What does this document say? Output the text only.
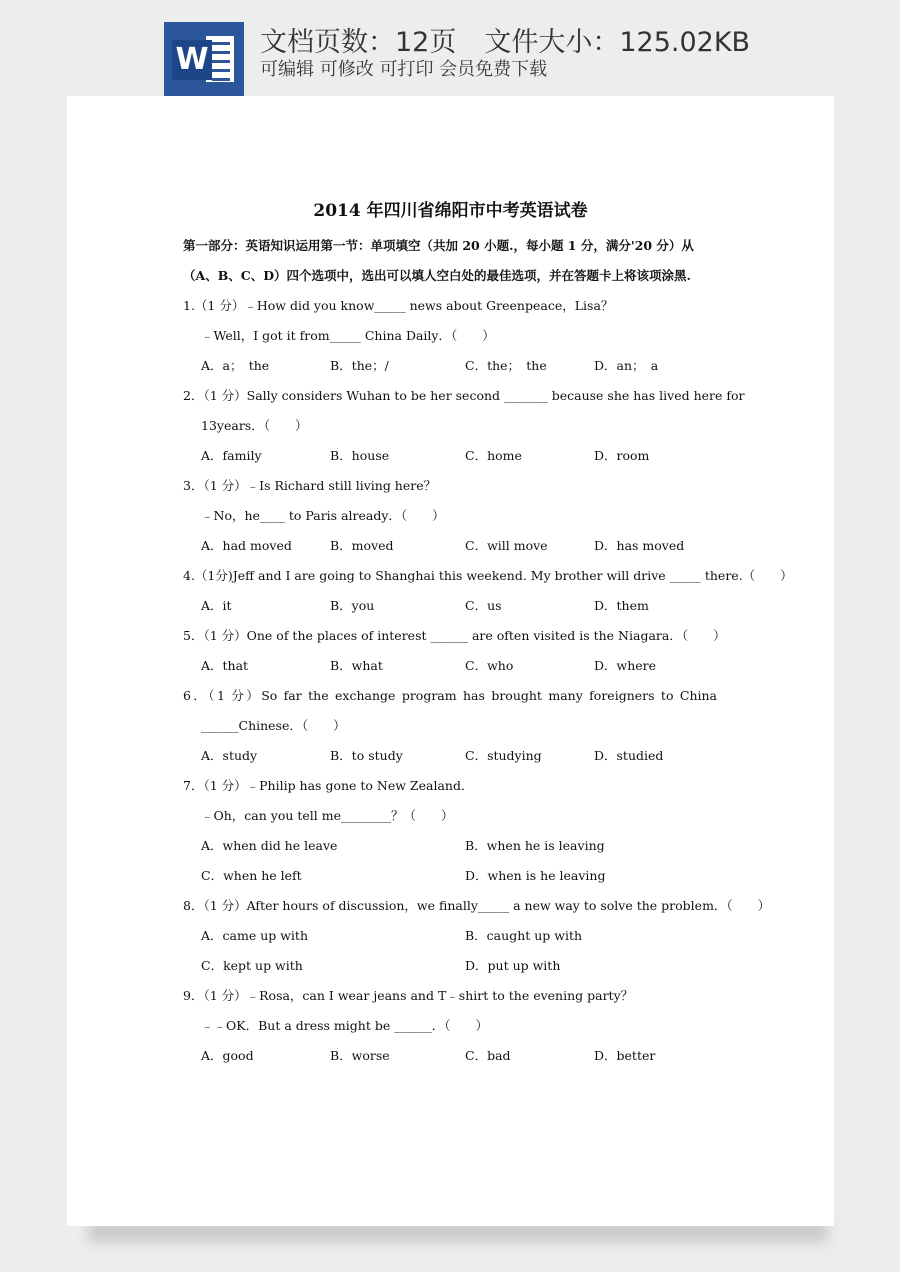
W 文档页数：12页 文件大小：125.02KB
可编辑 可修改 可打印 会员免费下载
2014 年四川省绵阳市中考英语试卷
第一部分：英语知识运用第一节：单项填空（共加 20 小题.，每小题 1 分，满分'20 分）从
（A、B、C、D）四个选项中，选出可以填人空白处的最佳选项，并在答题卡上将该项涂黑.
1.（1 分）﹣How did you know_____ news about Greenpeace，Lisa？
﹣Well，I got it from_____ China Daily．（　　）
A．a；　the	B．the；/	C．the；　the	D．an；　a
2．（1 分）Sally considers Wuhan to be her second _______ because she has lived here for
13years．（　　）
A．family	B．house	C．home	D．room
3．（1 分）﹣Is Richard still living here？
﹣No，he____ to Paris already．（　　）
A．had moved	B．moved	C．will move	D．has moved
4.（1分)Jeff and I are going to Shanghai this weekend. My brother will drive _____ there.（　　）
A．it	B．you	C．us	D．them
5．（1 分）One of the places of interest ______ are often visited is the Niagara．（　　）
A．that	B．what	C．who	D．where
6．（1 分）So far the exchange program has brought many foreigners to China
______Chinese．（　　）
A．study	B．to study	C．studying	D．studied
7．（1 分）﹣Philip has gone to New Zealand．
﹣Oh，can you tell me________？（　　）
A．when did he leave	B．when he is leaving
C．when he left	D．when is he leaving
8．（1 分）After hours of discussion，we finally_____ a new way to solve the problem．（　　）
A．came up with	B．caught up with
C．kept up with	D．put up with
9．（1 分）﹣Rosa，can I wear jeans and T﹣shirt to the evening party？
﹣﹣OK．But a dress might be ______．（　　）
A．good	B．worse	C．bad	D．better
